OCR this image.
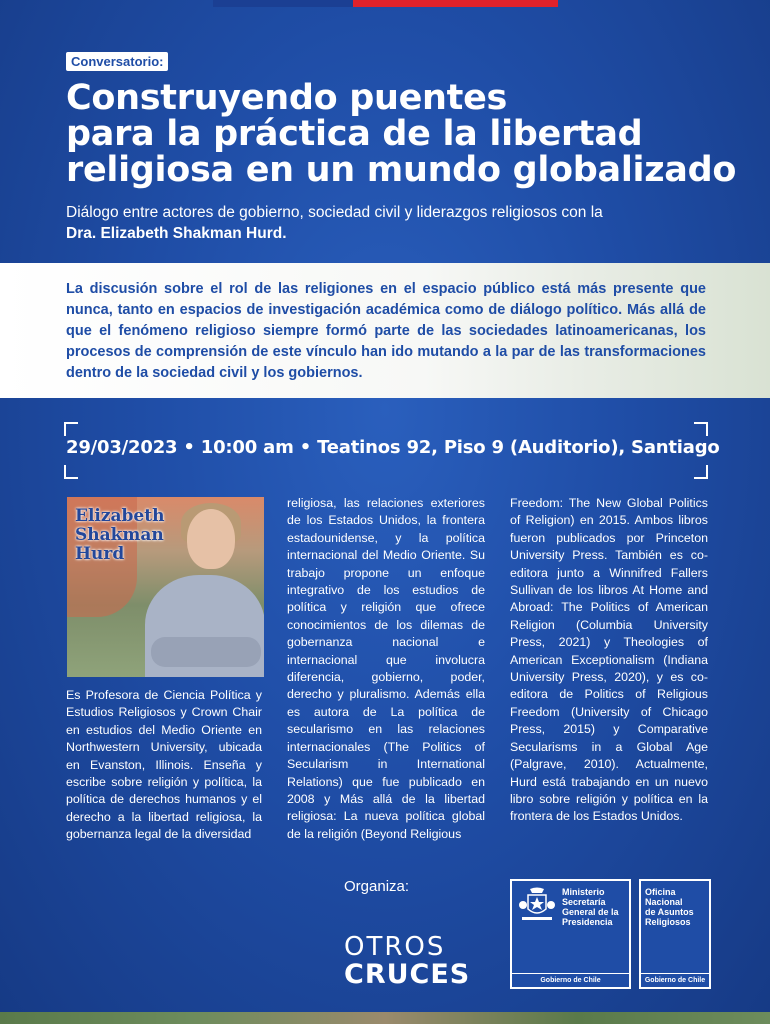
Conversatorio:
Construyendo puentes
para la práctica de la libertad
religiosa en un mundo globalizado
Diálogo entre actores de gobierno, sociedad civil y liderazgos religiosos con la
Dra. Elizabeth Shakman Hurd.

La discusión sobre el rol de las religiones en el espacio público está más presente que nunca, tanto en espacios de investigación académica como de diálogo político. Más allá de que el fenómeno religioso siempre formó parte de las sociedades latinoamericanas, los procesos de comprensión de este vínculo han ido mutando a la par de las transformaciones dentro de la sociedad civil y los gobiernos.

29/03/2023 • 10:00 am • Teatinos 92, Piso 9 (Auditorio), Santiago
Elizabeth
Shakman
Hurd
Es Profesora de Ciencia Política y Estudios Religiosos y Crown Chair en estudios del Medio Oriente en Northwestern University, ubicada en Evanston, Illinois. Enseña y escribe sobre religión y política, la política de derechos humanos y el derecho a la libertad religiosa, la gobernanza legal de la diversidad
religiosa, las relaciones exteriores de los Estados Unidos, la frontera estadounidense, y la política internacional del Medio Oriente. Su trabajo propone un enfoque integrativo de los estudios de política y religión que ofrece conocimientos de los dilemas de gobernanza nacional e internacional que involucra diferencia, gobierno, poder, derecho y pluralismo. Además ella es autora de La política de secularismo en las relaciones internacionales (The Politics of Secularism in International Relations) que fue publicado en 2008 y Más allá de la libertad religiosa: La nueva política global de la religión (Beyond Religious
Freedom: The New Global Politics of Religion) en 2015. Ambos libros fueron publicados por Princeton University Press. También es co-editora junto a Winnifred Fallers Sullivan de los libros At Home and Abroad: The Politics of American Religion (Columbia University Press, 2021) y Theologies of American Exceptionalism (Indiana University Press, 2020), y es co-editora de Politics of Religious Freedom (University of Chicago Press, 2015) y Comparative Secularisms in a Global Age (Palgrave, 2010). Actualmente, Hurd está trabajando en un nuevo libro sobre religión y política en la frontera de los Estados Unidos.
Organiza:
OTROS
CRUCES
Ministerio
Secretaría
General de la
Presidencia
Gobierno de Chile
Oficina
Nacional
de Asuntos
Religiosos
Gobierno de Chile
